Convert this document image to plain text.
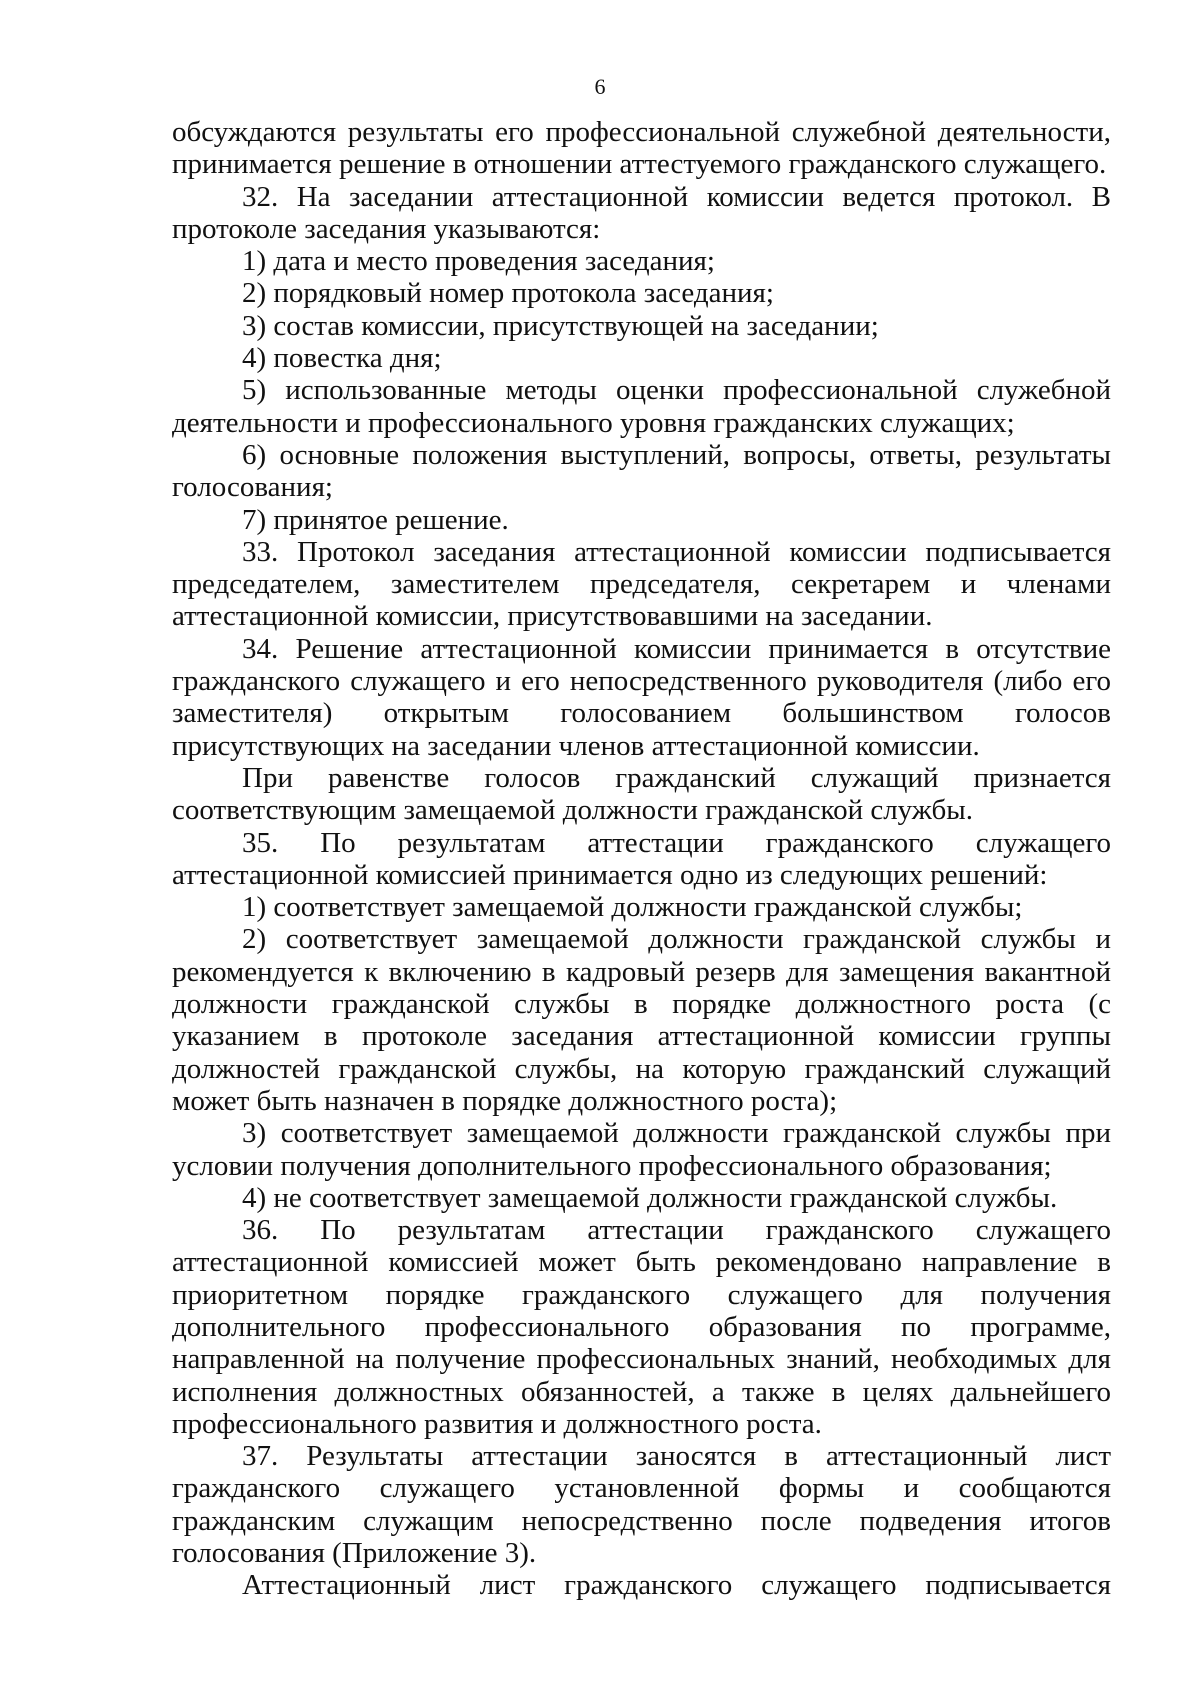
6

обсуждаются результаты его профессиональной служебной деятельности, принимается решение в отношении аттестуемого гражданского служащего.

32. На заседании аттестационной комиссии ведется протокол. В протоколе заседания указываются:

1) дата и место проведения заседания;

2) порядковый номер протокола заседания;

3) состав комиссии, присутствующей на заседании;

4) повестка дня;

5) использованные методы оценки профессиональной служебной деятельности и профессионального уровня гражданских служащих;

6) основные положения выступлений, вопросы, ответы, результаты голосования;

7) принятое решение.

33. Протокол заседания аттестационной комиссии подписывается председателем, заместителем председателя, секретарем и членами аттестационной комиссии, присутствовавшими на заседании.

34. Решение аттестационной комиссии принимается в отсутствие гражданского служащего и его непосредственного руководителя (либо его заместителя) открытым голосованием большинством голосов присутствующих на заседании членов аттестационной комиссии.

При равенстве голосов гражданский служащий признается соответствующим замещаемой должности гражданской службы.

35. По результатам аттестации гражданского служащего аттестационной комиссией принимается одно из следующих решений:

1) соответствует замещаемой должности гражданской службы;

2) соответствует замещаемой должности гражданской службы и рекомендуется к включению в кадровый резерв для замещения вакантной должности гражданской службы в порядке должностного роста (с указанием в протоколе заседания аттестационной комиссии группы должностей гражданской службы, на которую гражданский служащий может быть назначен в порядке должностного роста);

3) соответствует замещаемой должности гражданской службы при условии получения дополнительного профессионального образования;

4) не соответствует замещаемой должности гражданской службы.

36. По результатам аттестации гражданского служащего аттестационной комиссией может быть рекомендовано направление в приоритетном порядке гражданского служащего для получения дополнительного профессионального образования по программе, направленной на получение профессиональных знаний, необходимых для исполнения должностных обязанностей, а также в целях дальнейшего профессионального развития и должностного роста.

37. Результаты аттестации заносятся в аттестационный лист гражданского служащего установленной формы и сообщаются гражданским служащим непосредственно после подведения итогов голосования (Приложение 3).

Аттестационный лист гражданского служащего подписывается
